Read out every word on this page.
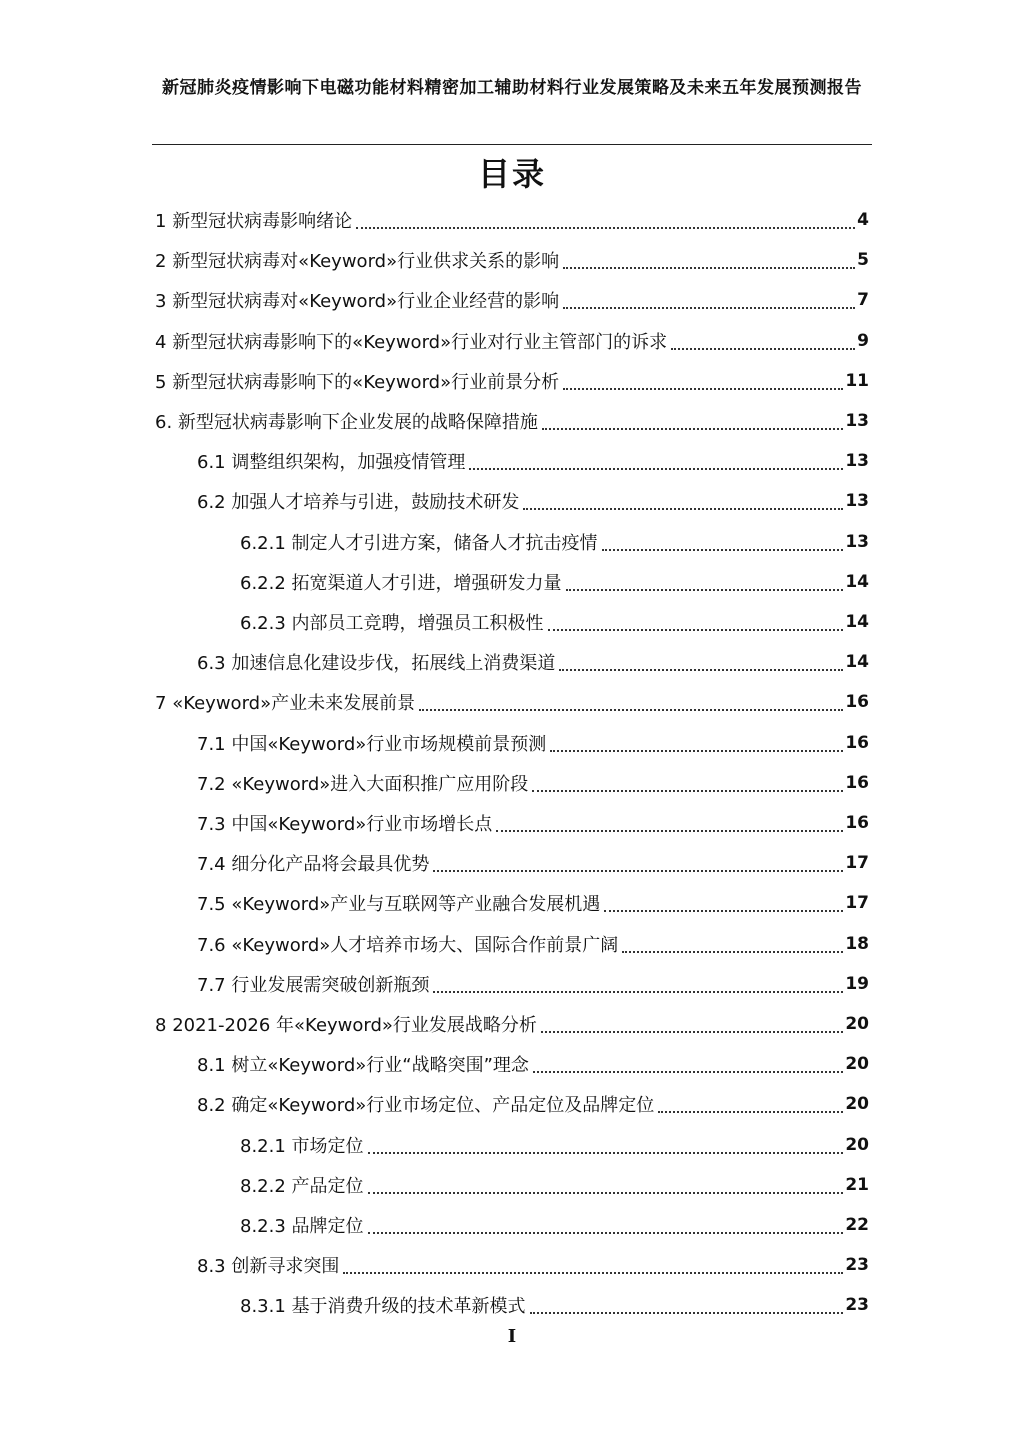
新冠肺炎疫情影响下电磁功能材料精密加工辅助材料行业发展策略及未来五年发展预测报告
目录
1 新型冠状病毒影响绪论	4
2 新型冠状病毒对«Keyword»行业供求关系的影响	5
3 新型冠状病毒对«Keyword»行业企业经营的影响	7
4 新型冠状病毒影响下的«Keyword»行业对行业主管部门的诉求	9
5 新型冠状病毒影响下的«Keyword»行业前景分析	11
6. 新型冠状病毒影响下企业发展的战略保障措施	13
6.1 调整组织架构，加强疫情管理	13
6.2 加强人才培养与引进，鼓励技术研发	13
6.2.1 制定人才引进方案，储备人才抗击疫情	13
6.2.2 拓宽渠道人才引进，增强研发力量	14
6.2.3 内部员工竞聘，增强员工积极性	14
6.3 加速信息化建设步伐，拓展线上消费渠道	14
7 «Keyword»产业未来发展前景	16
7.1 中国«Keyword»行业市场规模前景预测	16
7.2 «Keyword»进入大面积推广应用阶段	16
7.3 中国«Keyword»行业市场增长点	16
7.4 细分化产品将会最具优势	17
7.5 «Keyword»产业与互联网等产业融合发展机遇	17
7.6 «Keyword»人才培养市场大、国际合作前景广阔	18
7.7 行业发展需突破创新瓶颈	19
8 2021-2026 年«Keyword»行业发展战略分析	20
8.1 树立«Keyword»行业“战略突围”理念	20
8.2 确定«Keyword»行业市场定位、产品定位及品牌定位	20
8.2.1 市场定位	20
8.2.2 产品定位	21
8.2.3 品牌定位	22
8.3 创新寻求突围	23
8.3.1 基于消费升级的技术革新模式	23
I
